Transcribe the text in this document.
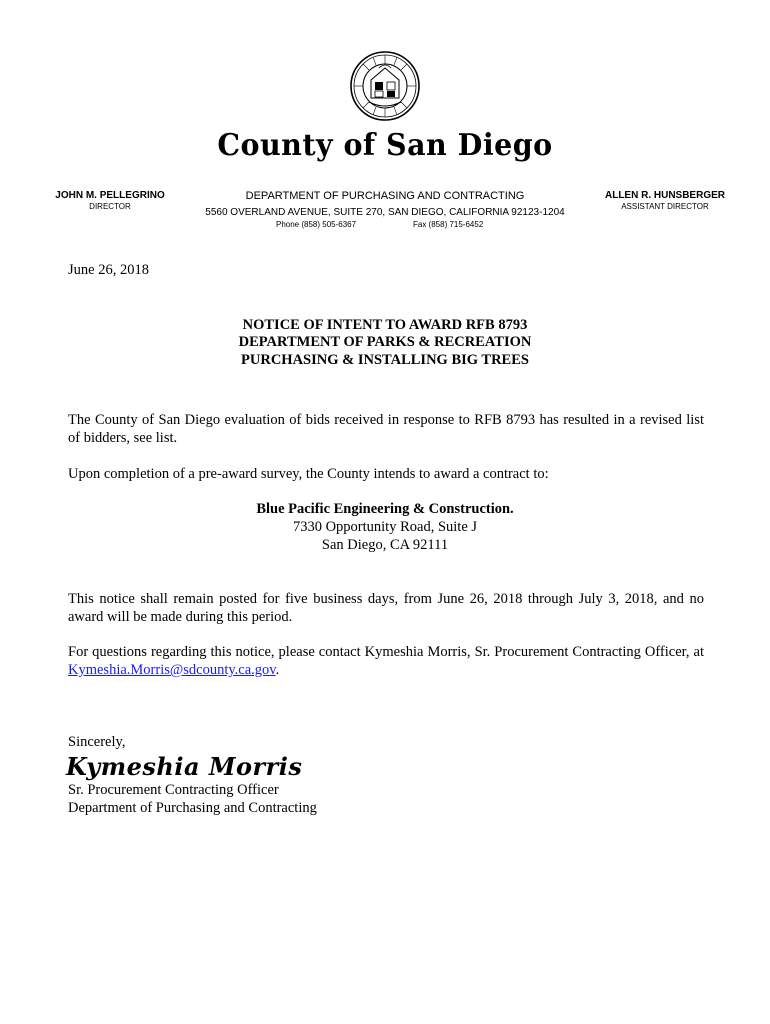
County of San Diego
JOHN M. PELLEGRINO
DIRECTOR
DEPARTMENT OF PURCHASING AND CONTRACTING
5560 OVERLAND AVENUE, SUITE 270, SAN DIEGO, CALIFORNIA 92123-1204
Phone (858) 505-6367	Fax (858) 715-6452
ALLEN R. HUNSBERGER
ASSISTANT DIRECTOR
June 26, 2018
NOTICE OF INTENT TO AWARD RFB 8793
DEPARTMENT OF PARKS & RECREATION
PURCHASING & INSTALLING BIG TREES
The County of San Diego evaluation of bids received in response to RFB 8793 has resulted in a revised list of bidders, see list.
Upon completion of a pre-award survey, the County intends to award a contract to:
Blue Pacific Engineering & Construction.
7330 Opportunity Road, Suite J
San Diego, CA 92111
This notice shall remain posted for five business days, from June 26, 2018 through July 3, 2018, and no award will be made during this period.
For questions regarding this notice, please contact Kymeshia Morris, Sr. Procurement Contracting Officer, at Kymeshia.Morris@sdcounty.ca.gov.
Sincerely,
Kymeshia Morris
Sr. Procurement Contracting Officer
Department of Purchasing and Contracting
